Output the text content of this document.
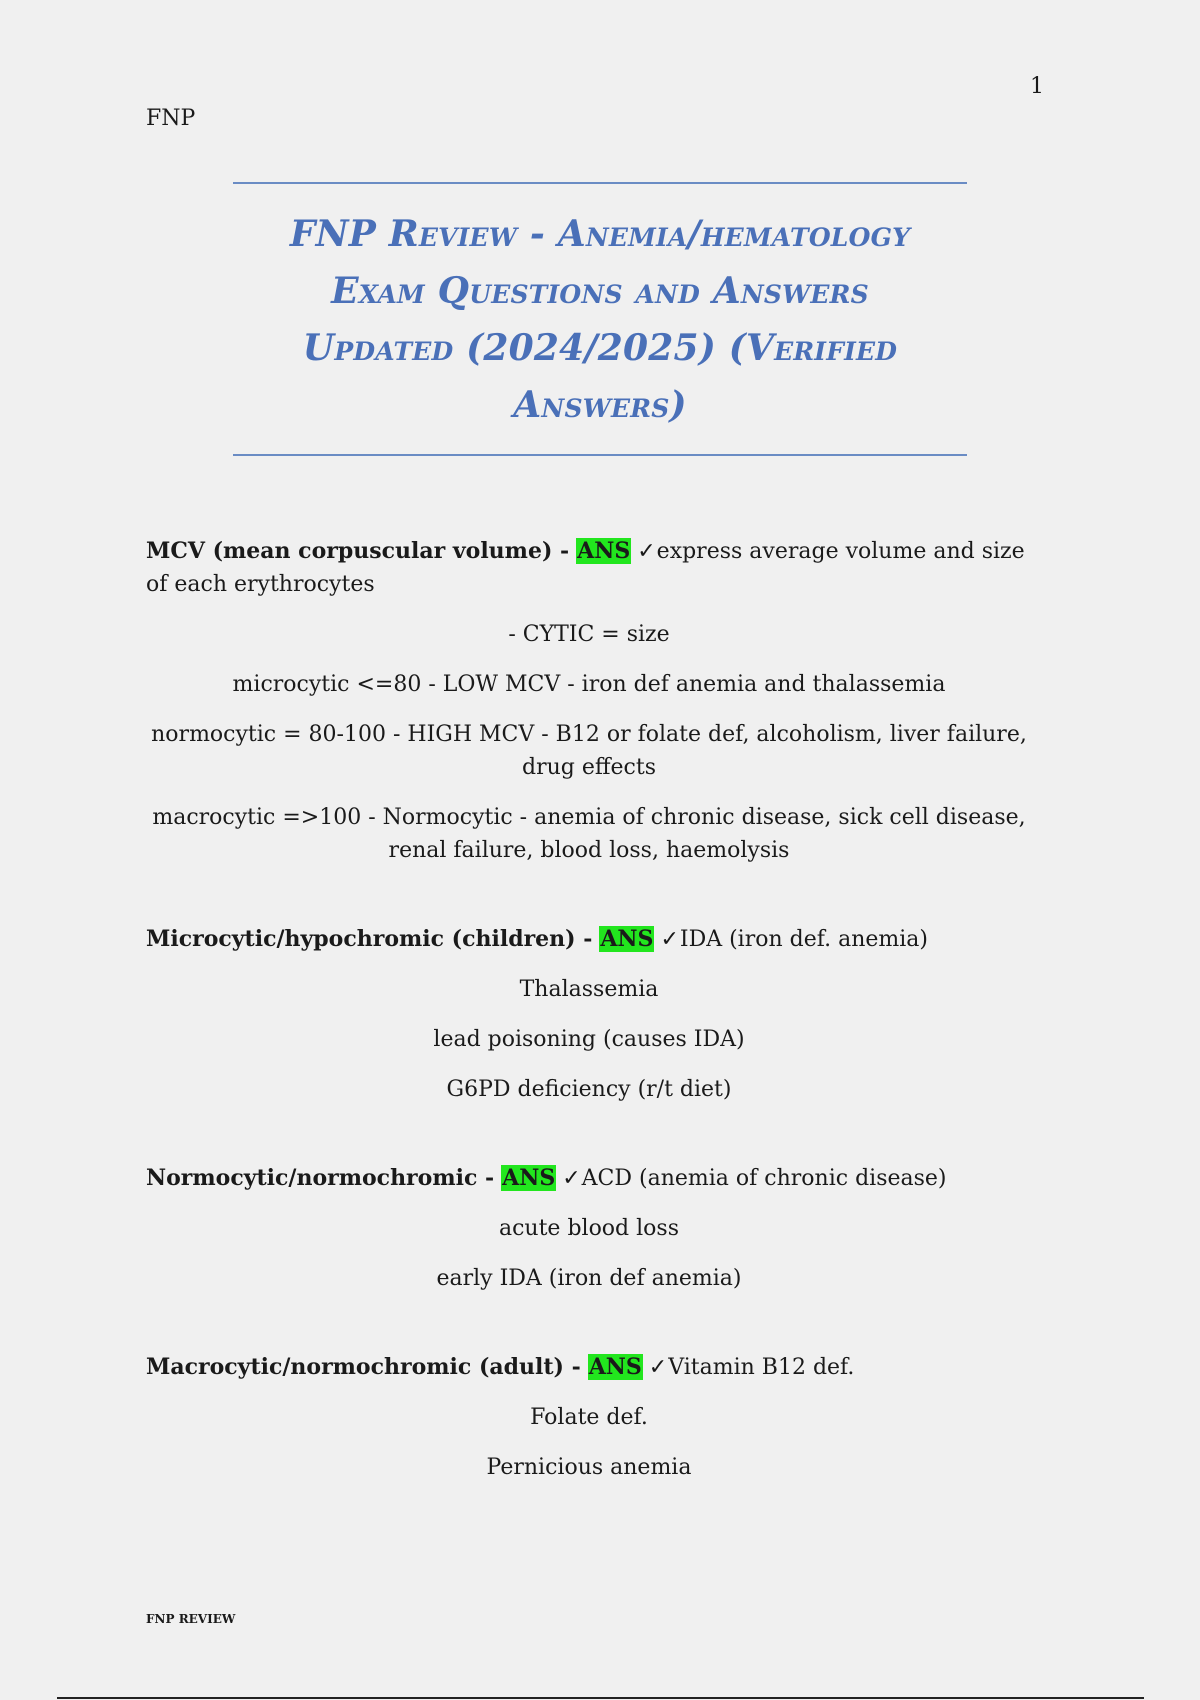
1
FNP
FNP Review - Anemia/hematology
Exam Questions and Answers
Updated (2024/2025) (Verified
Answers)

MCV (mean corpuscular volume) - ANS ✓express average volume and size of each erythrocytes

- CYTIC = size

microcytic <=80 - LOW MCV - iron def anemia and thalassemia

normocytic = 80-100 - HIGH MCV - B12 or folate def, alcoholism, liver failure, drug effects

macrocytic =>100 - Normocytic - anemia of chronic disease, sick cell disease, renal failure, blood loss, haemolysis

Microcytic/hypochromic (children) - ANS ✓IDA (iron def. anemia)

Thalassemia

lead poisoning (causes IDA)

G6PD deficiency (r/t diet)

Normocytic/normochromic - ANS ✓ACD (anemia of chronic disease)

acute blood loss

early IDA (iron def anemia)

Macrocytic/normochromic (adult) - ANS ✓Vitamin B12 def.

Folate def.

Pernicious anemia

FNP REVIEW
